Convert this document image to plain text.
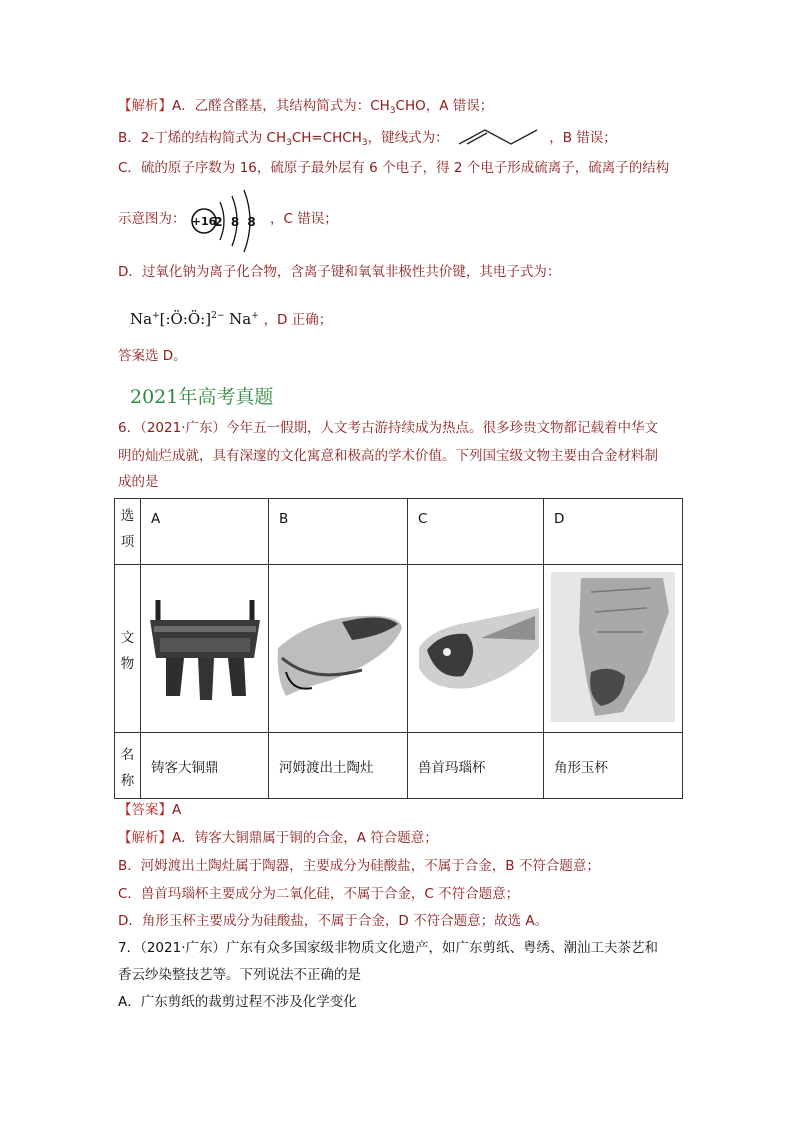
【解析】A．乙醛含醛基，其结构简式为：$CH_3CHO$，A 错误；
B．2-丁烯的结构简式为 $CH_3CH=CHCH_3$，键线式为：	，B 错误；
C．硫的原子序数为 16，硫原子最外层有 6 个电子，得 2 个电子形成硫离子，硫离子的结构
示意图为： +16
2 8 8 ，C 错误；
D．过氧化钠为离子化合物，含离子键和氧氧非极性共价键，其电子式为：
Na+[:Ö:Ö:]$^{2-}$ Na+ ，D 正确；
答案选 D。
2021年高考真题
6．（2021·广东）今年五一假期，人文考古游持续成为热点。很多珍贵文物都记载着中华文
明的灿烂成就，具有深邃的文化寓意和极高的学术价值。下列国宝级文物主要由合金材料制
成的是
选
项	A	B	C	D

文
物

名
称	铸客大铜鼎	河姆渡出土陶灶	兽首玛瑙杯	角形玉杯
【答案】A
【解析】A．铸客大铜鼎属于铜的合金，A 符合题意；
B．河姆渡出土陶灶属于陶器，主要成分为硅酸盐，不属于合金，B 不符合题意；
C．兽首玛瑙杯主要成分为二氧化硅，不属于合金，C 不符合题意；
D．角形玉杯主要成分为硅酸盐，不属于合金，D 不符合题意；故选 A。
7．（2021·广东）广东有众多国家级非物质文化遗产，如广东剪纸、粤绣、潮汕工夫茶艺和
香云纱染整技艺等。下列说法不正确的是
A．广东剪纸的裁剪过程不涉及化学变化
